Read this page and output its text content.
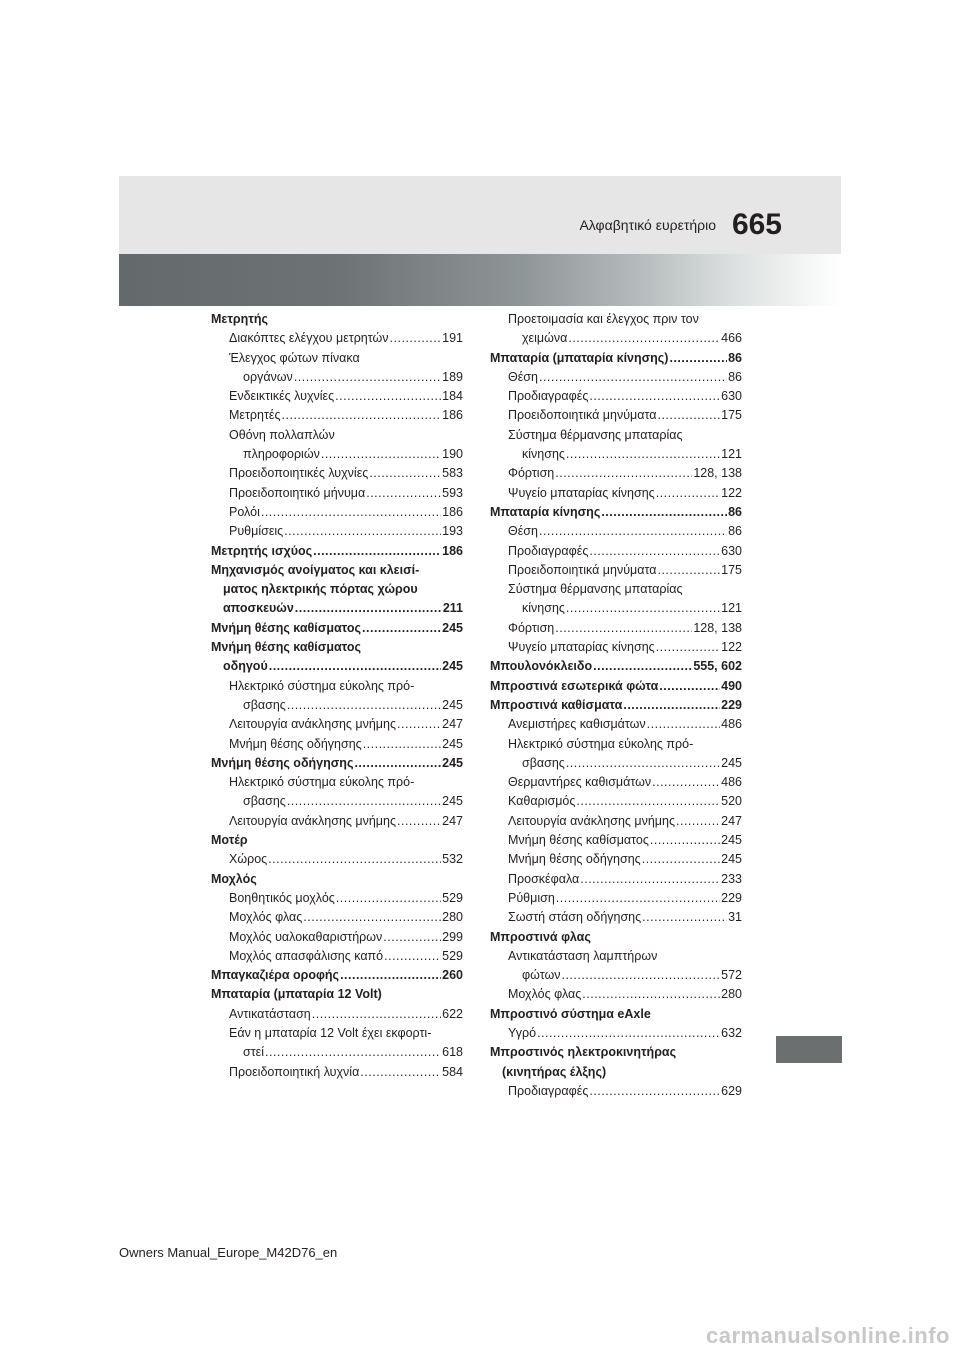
Αλφαβητικό ευρετήριο 665
Μετρητής
Διακόπτες ελέγχου μετρητών .....	191
Έλεγχος φώτων πίνακα
οργάνων .....	189
Ενδεικτικές λυχνίες .....	184
Μετρητές .....	186
Οθόνη πολλαπλών
πληροφοριών .....	190
Προειδοποιητικές λυχνίες .....	583
Προειδοποιητικό μήνυμα .....	593
Ρολόι .....	186
Ρυθμίσεις .....	193
Μετρητής ισχύος .....	186
Μηχανισμός ανοίγματος και κλεισί-
ματος ηλεκτρικής πόρτας χώρου
αποσκευών .....	211
Μνήμη θέσης καθίσματος .....	245
Μνήμη θέσης καθίσματος
οδηγού .....	245
Ηλεκτρικό σύστημα εύκολης πρό-
σβασης .....	245
Λειτουργία ανάκλησης μνήμης .....	247
Μνήμη θέσης οδήγησης .....	245
Μνήμη θέσης οδήγησης .....	245
Ηλεκτρικό σύστημα εύκολης πρό-
σβασης .....	245
Λειτουργία ανάκλησης μνήμης .....	247
Μοτέρ
Χώρος .....	532
Μοχλός
Βοηθητικός μοχλός .....	529
Μοχλός φλας .....	280
Μοχλός υαλοκαθαριστήρων .....	299
Μοχλός απασφάλισης καπό .....	529
Μπαγκαζιέρα οροφής .....	260
Μπαταρία (μπαταρία 12 Volt)
Αντικατάσταση .....	622
Εάν η μπαταρία 12 Volt έχει εκφορτι-
στεί .....	618
Προειδοποιητική λυχνία .....	584
Προετοιμασία και έλεγχος πριν τον
χειμώνα .....	466
Μπαταρία (μπαταρία κίνησης) .....	86
Θέση .....	86
Προδιαγραφές .....	630
Προειδοποιητικά μηνύματα .....	175
Σύστημα θέρμανσης μπαταρίας
κίνησης .....	121
Φόρτιση .....	128, 138
Ψυγείο μπαταρίας κίνησης .....	122
Μπαταρία κίνησης .....	86
Θέση .....	86
Προδιαγραφές .....	630
Προειδοποιητικά μηνύματα .....	175
Σύστημα θέρμανσης μπαταρίας
κίνησης .....	121
Φόρτιση .....	128, 138
Ψυγείο μπαταρίας κίνησης .....	122
Μπουλονόκλειδο .....	555, 602
Μπροστινά εσωτερικά φώτα .....	490
Μπροστινά καθίσματα .....	229
Ανεμιστήρες καθισμάτων .....	486
Ηλεκτρικό σύστημα εύκολης πρό-
σβασης .....	245
Θερμαντήρες καθισμάτων .....	486
Καθαρισμός .....	520
Λειτουργία ανάκλησης μνήμης .....	247
Μνήμη θέσης καθίσματος .....	245
Μνήμη θέσης οδήγησης .....	245
Προσκέφαλα .....	233
Ρύθμιση .....	229
Σωστή στάση οδήγησης .....	31
Μπροστινά φλας
Αντικατάσταση λαμπτήρων
φώτων .....	572
Μοχλός φλας .....	280
Μπροστινό σύστημα eAxle
Υγρό .....	632
Μπροστινός ηλεκτροκινητήρας
(κινητήρας έλξης)
Προδιαγραφές .....	629
Owners Manual_Europe_M42D76_en
carmanualsonline.info
